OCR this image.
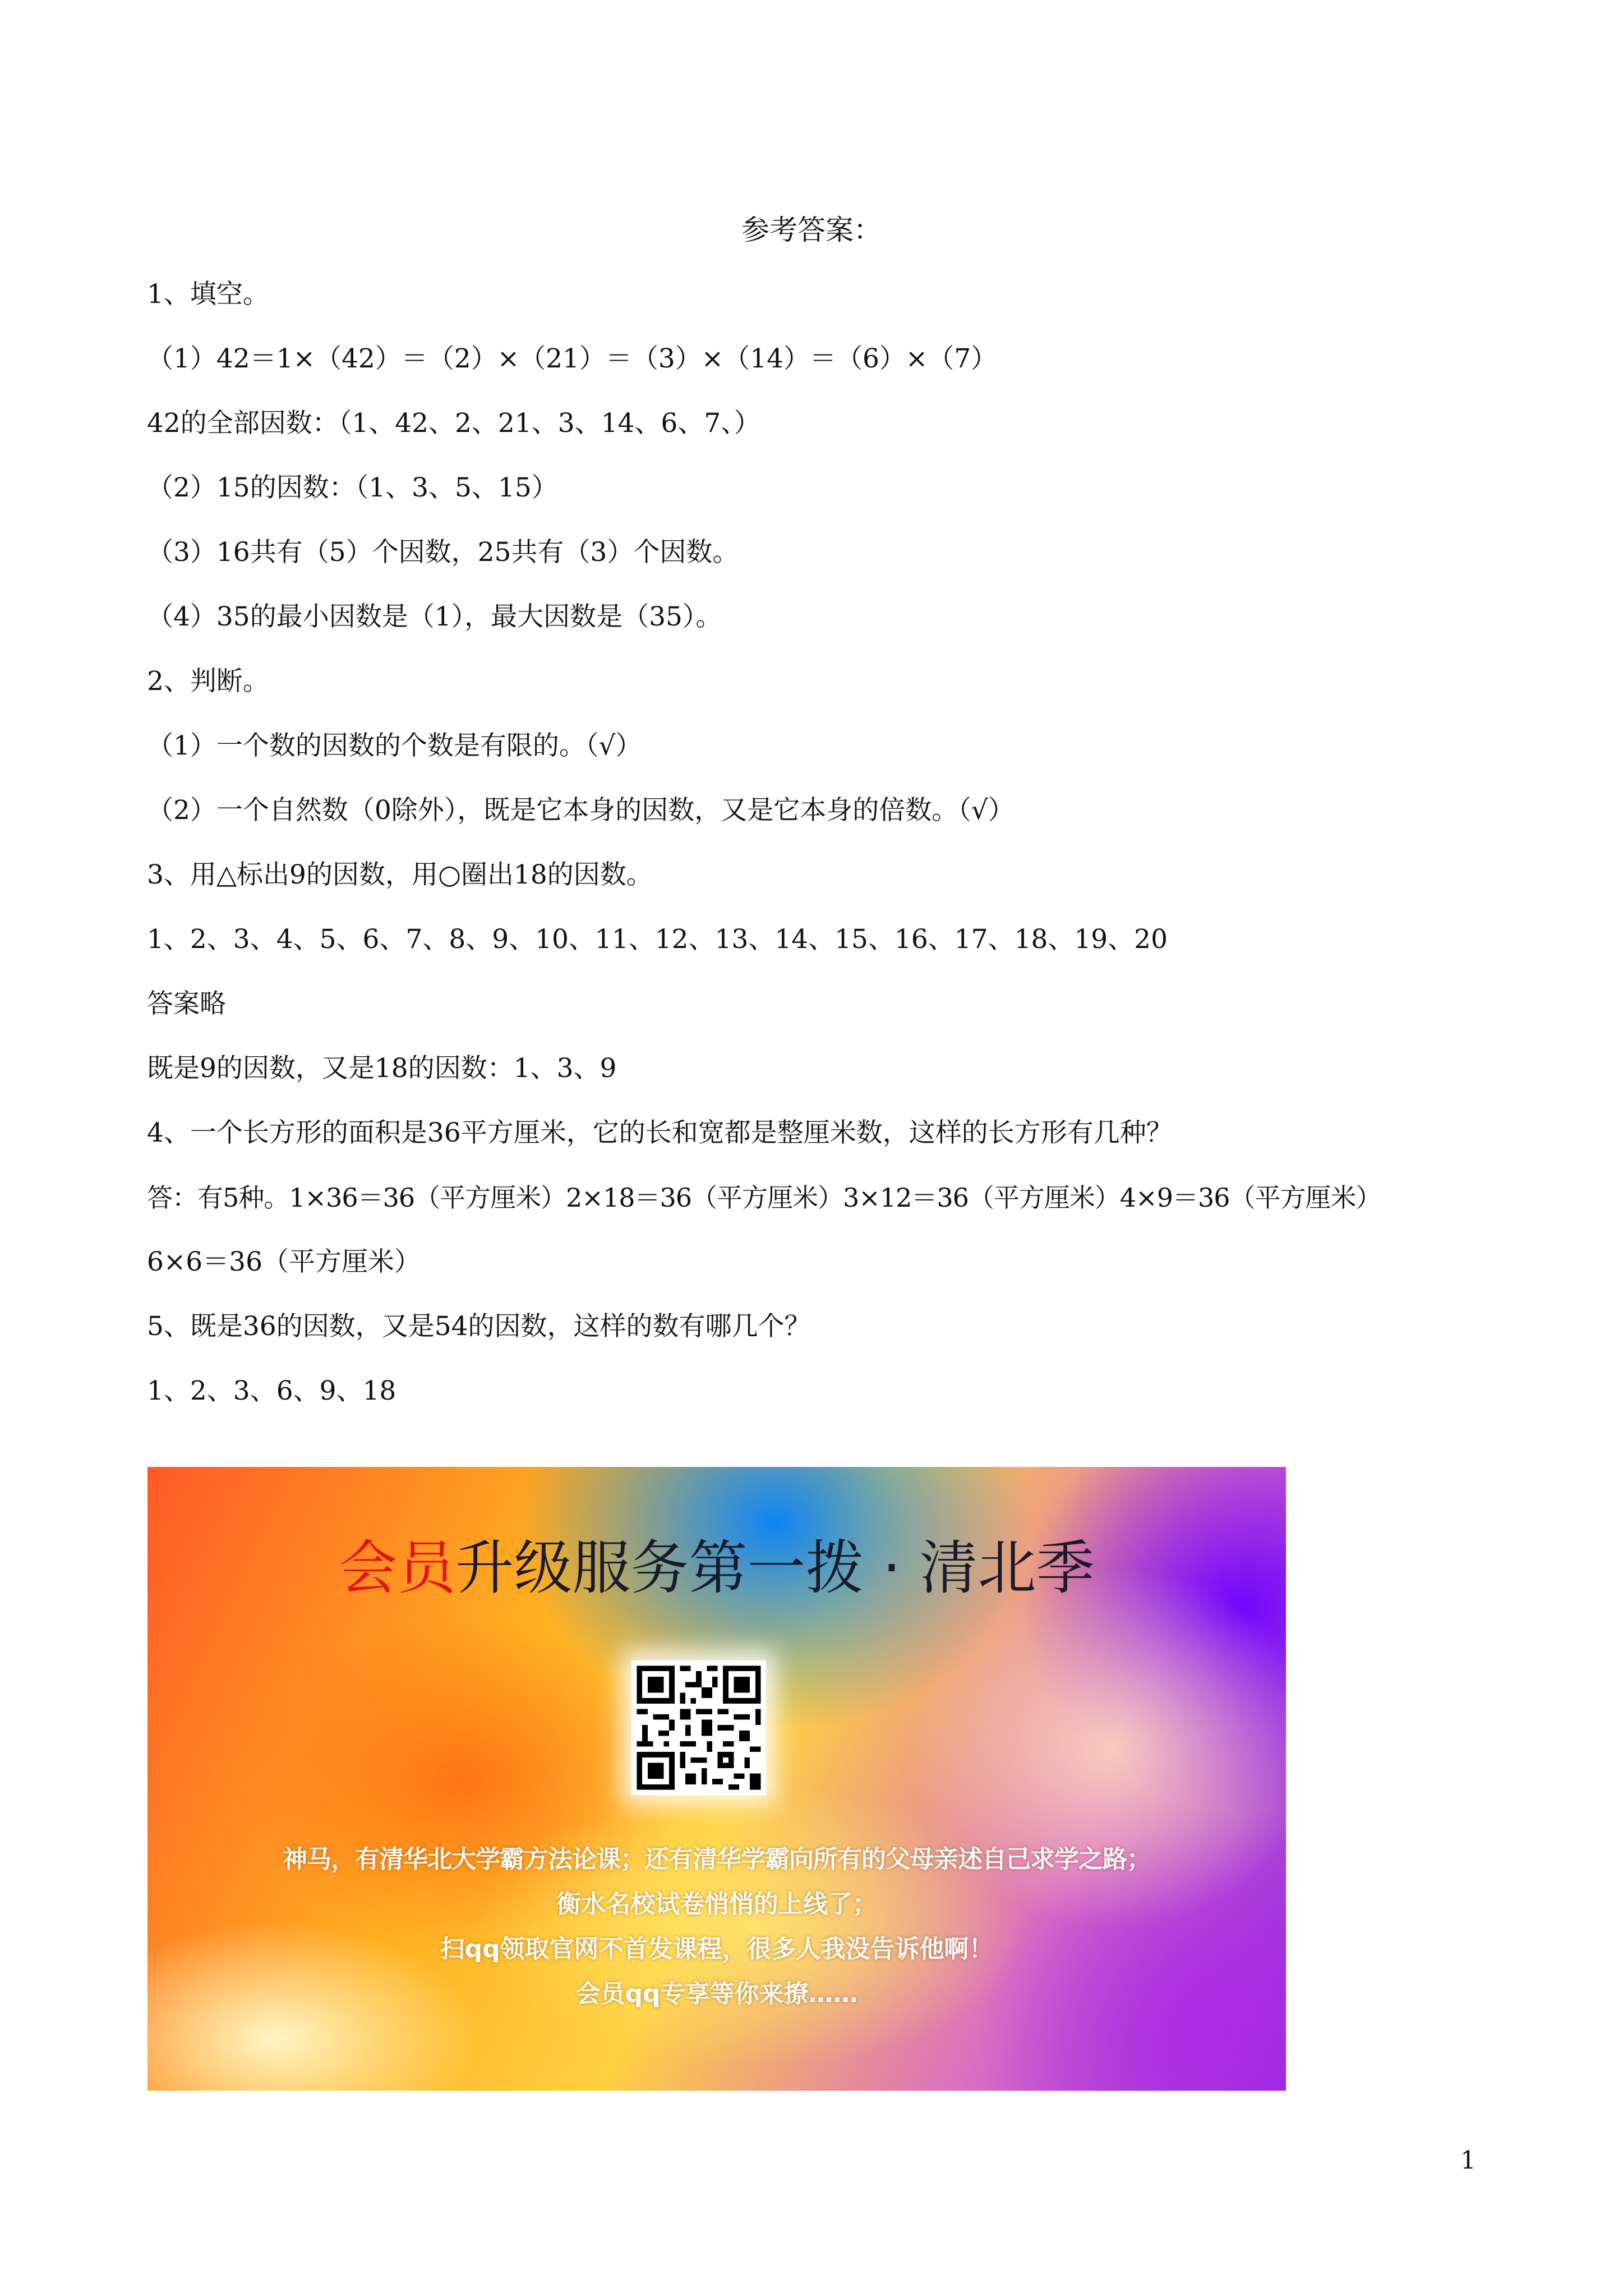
参考答案：
1、填空。
（1）42＝1×（42）＝（2）×（21）＝（3）×（14）＝（6）×（7）
42的全部因数：（1、42、2、21、3、14、6、7、）
（2）15的因数：（1、3、5、15）
（3）16共有（5）个因数，25共有（3）个因数。
（4）35的最小因数是（1），最大因数是（35）。
2、判断。
（1）一个数的因数的个数是有限的。（√）
（2）一个自然数（0除外），既是它本身的因数，又是它本身的倍数。（√）
3、用△标出9的因数，用○圈出18的因数。
1、2、3、4、5、6、7、8、9、10、11、12、13、14、15、16、17、18、19、20
答案略
既是9的因数，又是18的因数：1、3、9
4、一个长方形的面积是36平方厘米，它的长和宽都是整厘米数，这样的长方形有几种？
答：有5种。1×36＝36（平方厘米）2×18＝36（平方厘米）3×12＝36（平方厘米）4×9＝36（平方厘米）
6×6＝36（平方厘米）
5、既是36的因数，又是54的因数，这样的数有哪几个？
1、2、3、6、9、18
会员升级服务第一拨 · 清北季
神马，有清华北大学霸方法论课；还有清华学霸向所有的父母亲述自己求学之路；
衡水名校试卷悄悄的上线了；
扫qq领取官网不首发课程，很多人我没告诉他啊！
会员qq专享等你来撩……
1
